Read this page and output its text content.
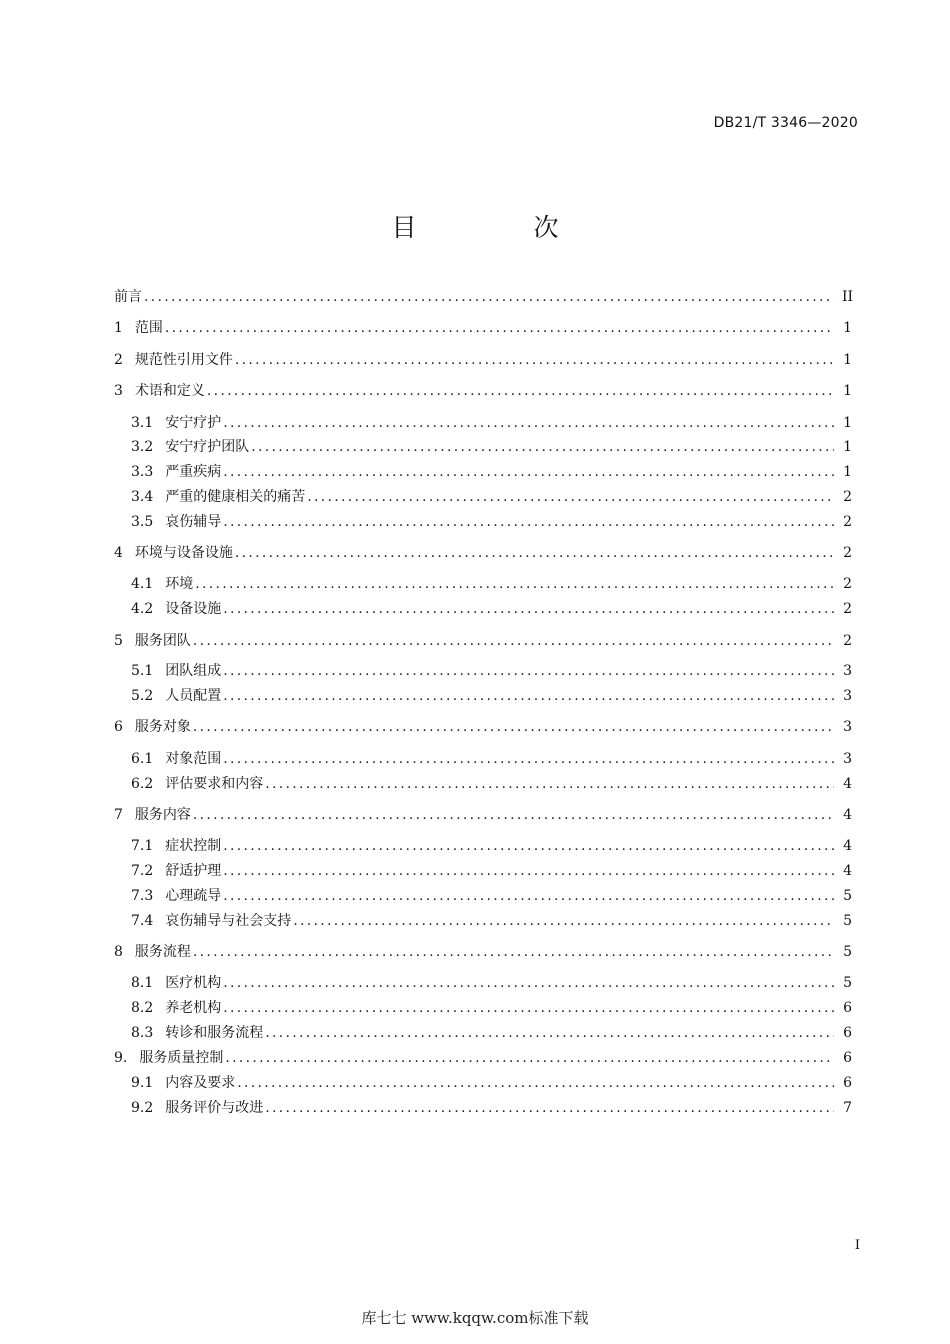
DB21/T 3346—2020
目　次
前言 .....	II
1 范围 .....	1
2 规范性引用文件 .....	1
3 术语和定义 .....	1
3.1 安宁疗护 .....	1
3.2 安宁疗护团队 .....	1
3.3 严重疾病 .....	1
3.4 严重的健康相关的痛苦 .....	2
3.5 哀伤辅导 .....	2
4 环境与设备设施 .....	2
4.1 环境 .....	2
4.2 设备设施 .....	2
5 服务团队 .....	2
5.1 团队组成 .....	3
5.2 人员配置 .....	3
6 服务对象 .....	3
6.1 对象范围 .....	3
6.2 评估要求和内容 .....	4
7 服务内容 .....	4
7.1 症状控制 .....	4
7.2 舒适护理 .....	4
7.3 心理疏导 .....	5
7.4 哀伤辅导与社会支持 .....	5
8 服务流程 .....	5
8.1 医疗机构 .....	5
8.2 养老机构 .....	6
8.3 转诊和服务流程 .....	6
9. 服务质量控制 .....	6
9.1 内容及要求 .....	6
9.2 服务评价与改进 .....	7
I
库七七 www.kqqw.com标准下载
